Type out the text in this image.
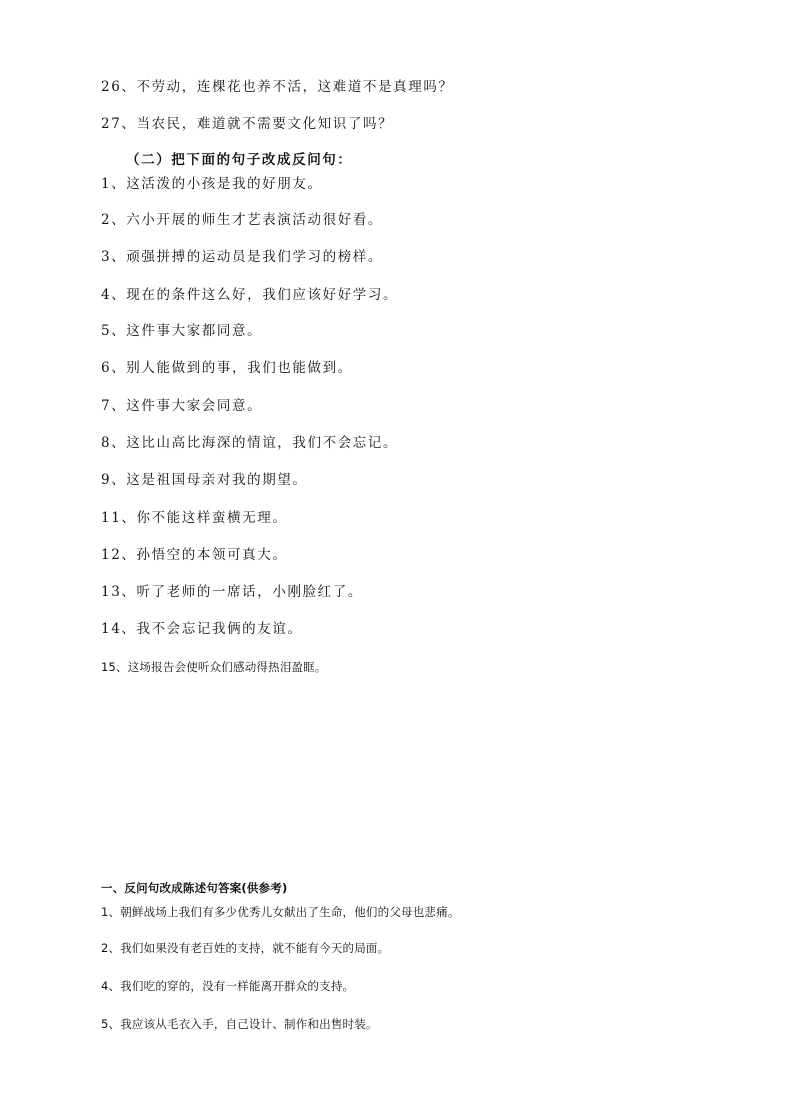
26、不劳动，连棵花也养不活，这难道不是真理吗？
27、当农民，难道就不需要文化知识了吗？
（二）把下面的句子改成反问句：
1、这活泼的小孩是我的好朋友。
2、六小开展的师生才艺表演活动很好看。
3、顽强拼搏的运动员是我们学习的榜样。
4、现在的条件这么好，我们应该好好学习。
5、这件事大家都同意。
6、别人能做到的事，我们也能做到。
7、这件事大家会同意。
8、这比山高比海深的情谊，我们不会忘记。
9、这是祖国母亲对我的期望。
11、你不能这样蛮横无理。
12、孙悟空的本领可真大。
13、听了老师的一席话，小刚脸红了。
14、我不会忘记我俩的友谊。
15、这场报告会使听众们感动得热泪盈眶。
一、反问句改成陈述句答案(供参考)
1、朝鲜战场上我们有多少优秀儿女献出了生命，他们的父母也悲痛。
2、我们如果没有老百姓的支持，就不能有今天的局面。
4、我们吃的穿的，没有一样能离开群众的支持。
5、我应该从毛衣入手，自己设计、制作和出售时装。
